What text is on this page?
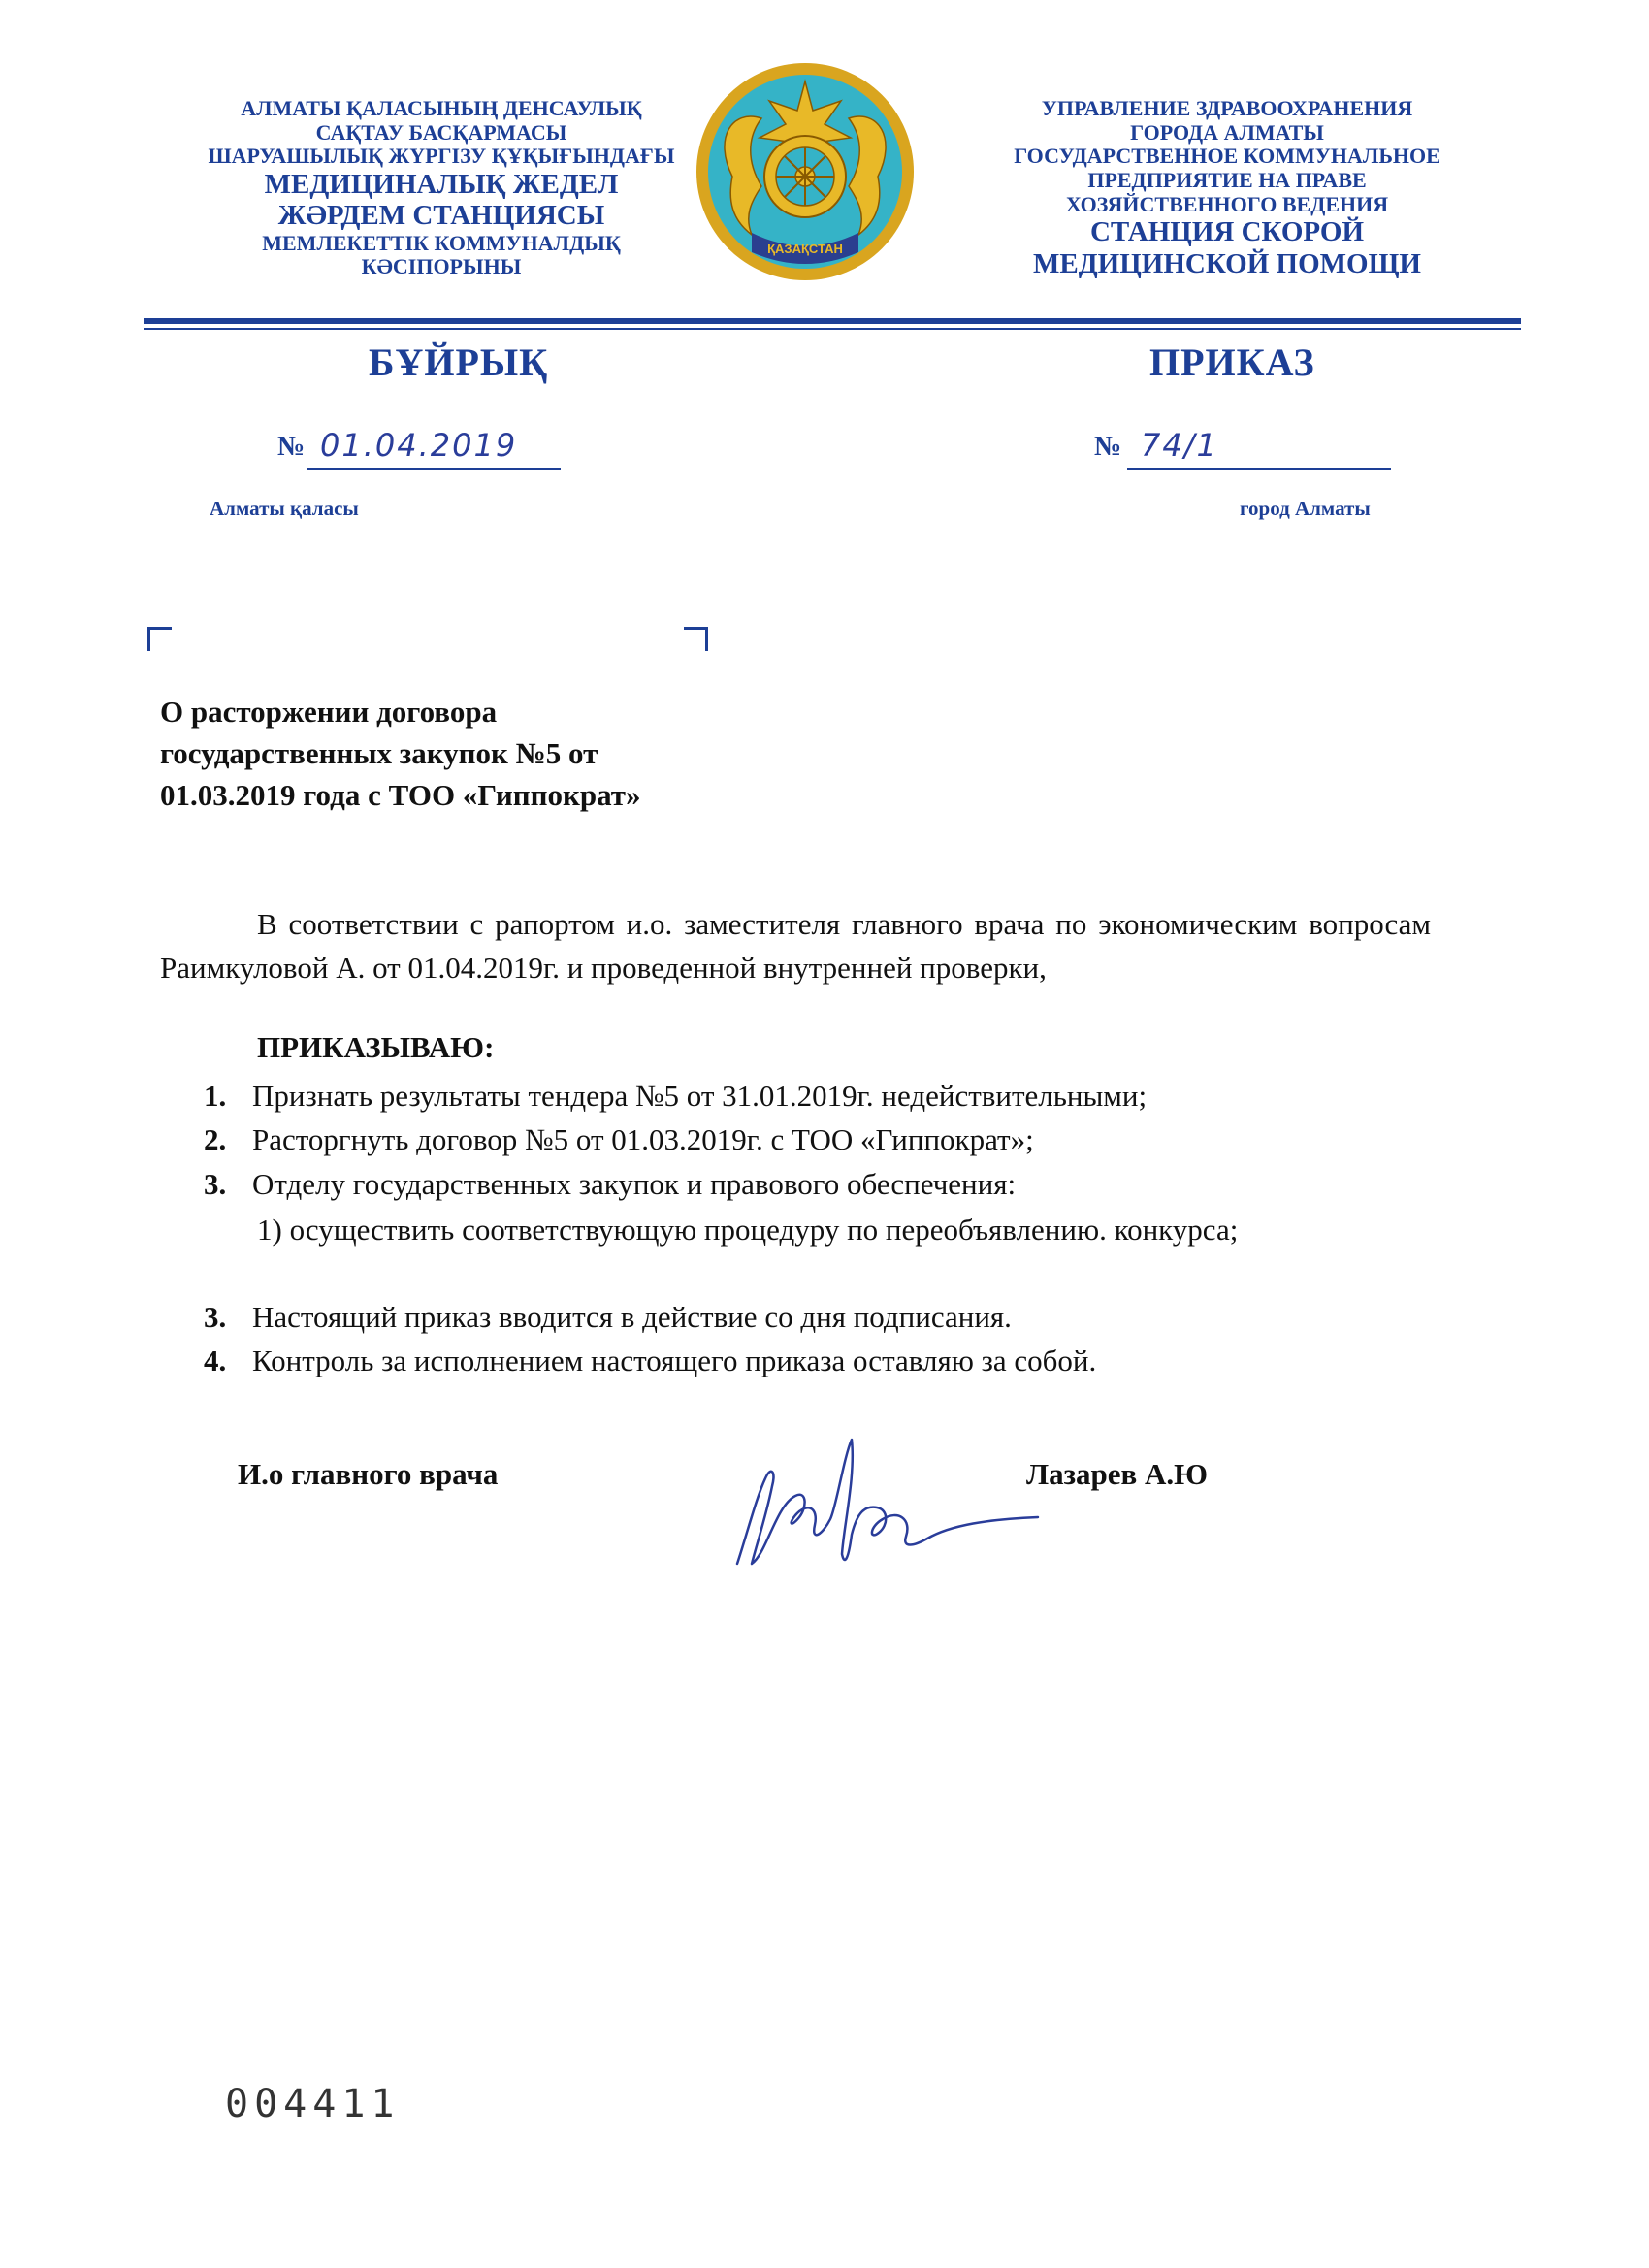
АЛМАТЫ ҚАЛАСЫНЫҢ ДЕНСАУЛЫҚ
САҚТАУ БАСҚАРМАСЫ
ШАРУАШЫЛЫҚ ЖҮРГІЗУ ҚҰҚЫҒЫНДАҒЫ
МЕДИЦИНАЛЫҚ ЖЕДЕЛ
ЖӘРДЕМ СТАНЦИЯСЫ
МЕМЛЕКЕТТІК КОММУНАЛДЫҚ
КӘСІПОРЫНЫ
ҚАЗАҚСТАН
УПРАВЛЕНИЕ ЗДРАВООХРАНЕНИЯ
ГОРОДА АЛМАТЫ
ГОСУДАРСТВЕННОЕ КОММУНАЛЬНОЕ
ПРЕДПРИЯТИЕ НА ПРАВЕ
ХОЗЯЙСТВЕННОГО ВЕДЕНИЯ
СТАНЦИЯ СКОРОЙ
МЕДИЦИНСКОЙ ПОМОЩИ
БҰЙРЫҚ	ПРИКАЗ
№ 01.04.2019	№ 74/1
Алматы қаласы	город Алматы
О расторжении договора
государственных закупок №5 от
01.03.2019 года с ТОО «Гиппократ»
В соответствии с рапортом и.о. заместителя главного врача по экономическим вопросам Раимкуловой А. от 01.04.2019г. и проведенной внутренней проверки,
ПРИКАЗЫВАЮ:
1. Признать результаты тендера №5 от 31.01.2019г. недействительными;
2. Расторгнуть договор №5 от 01.03.2019г. с ТОО «Гиппократ»;
3. Отделу государственных закупок и правового обеспечения:
1) осуществить соответствующую процедуру по переобъявлению. конкурса;
3. Настоящий приказ вводится в действие со дня подписания.
4. Контроль за исполнением настоящего приказа оставляю за собой.
И.о главного врача	Лазарев А.Ю
004411
